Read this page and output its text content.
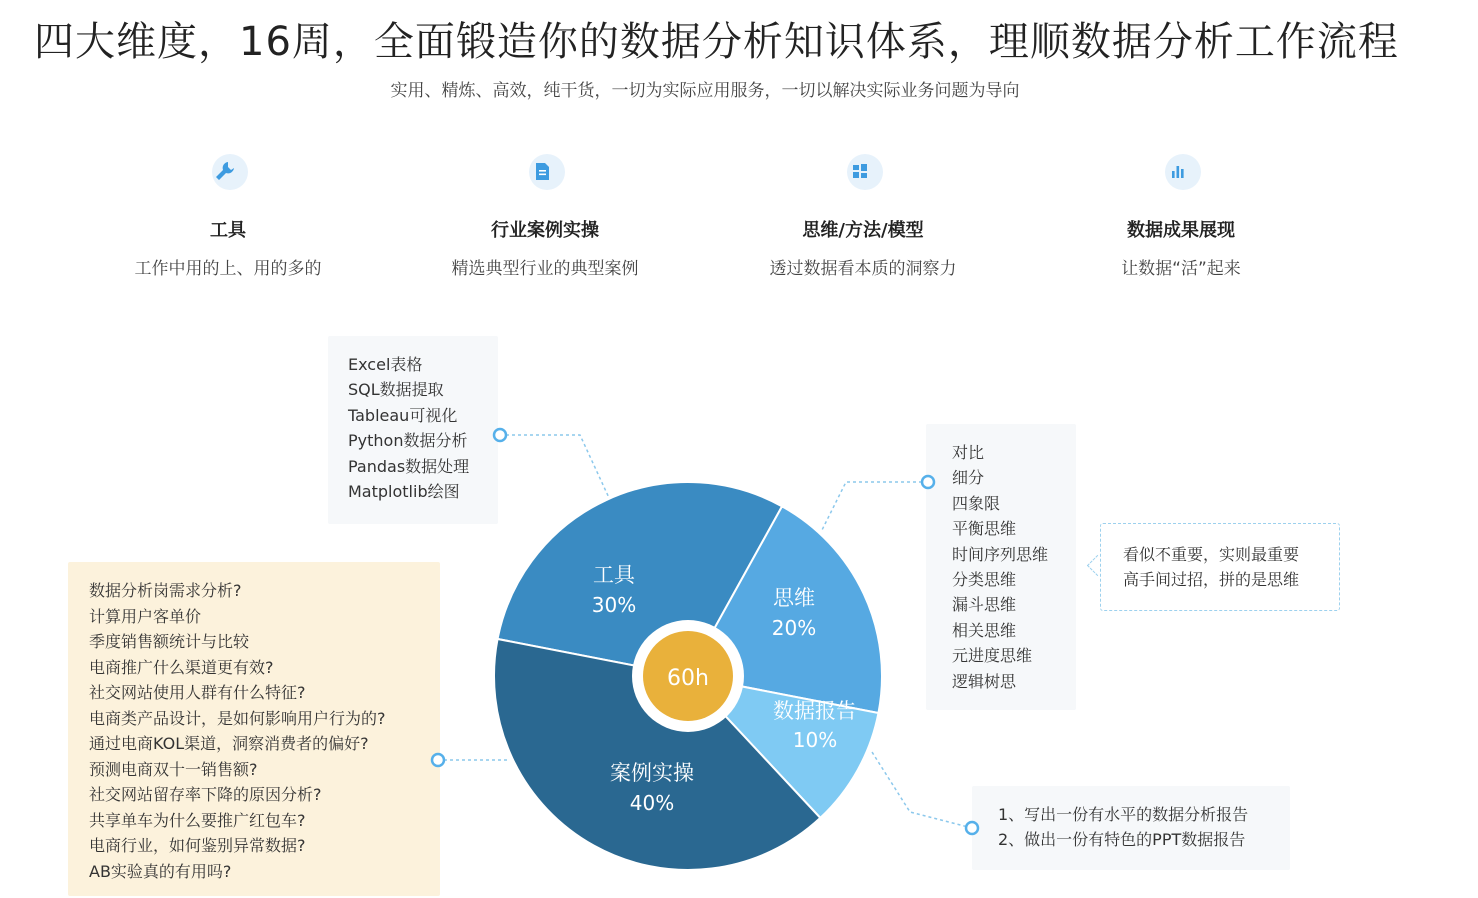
四大维度，16周，全面锻造你的数据分析知识体系，理顺数据分析工作流程
实用、精炼、高效，纯干货，一切为实际应用服务，一切以解决实际业务问题为导向
工具
工作中用的上、用的多的
行业案例实操
精选典型行业的典型案例
思维/方法/模型
透过数据看本质的洞察力
数据成果展现
让数据“活”起来
Excel表格
SQL数据提取
Tableau可视化
Python数据分析
Pandas数据处理
Matplotlib绘图
对比
细分
四象限
平衡思维
时间序列思维
分类思维
漏斗思维
相关思维
元进度思维
逻辑树思
看似不重要，实则最重要
高手间过招，拼的是思维
1、写出一份有水平的数据分析报告
2、做出一份有特色的PPT数据报告
数据分析岗需求分析?
计算用户客单价
季度销售额统计与比较
电商推广什么渠道更有效?
社交网站使用人群有什么特征?
电商类产品设计，是如何影响用户行为的?
通过电商KOL渠道，洞察消费者的偏好?
预测电商双十一销售额?
社交网站留存率下降的原因分析?
共享单车为什么要推广红包车?
电商行业，如何鉴别异常数据?
AB实验真的有用吗?
工具
30%	思维
20%
数据报告
10%
案例实操
40%
60h
